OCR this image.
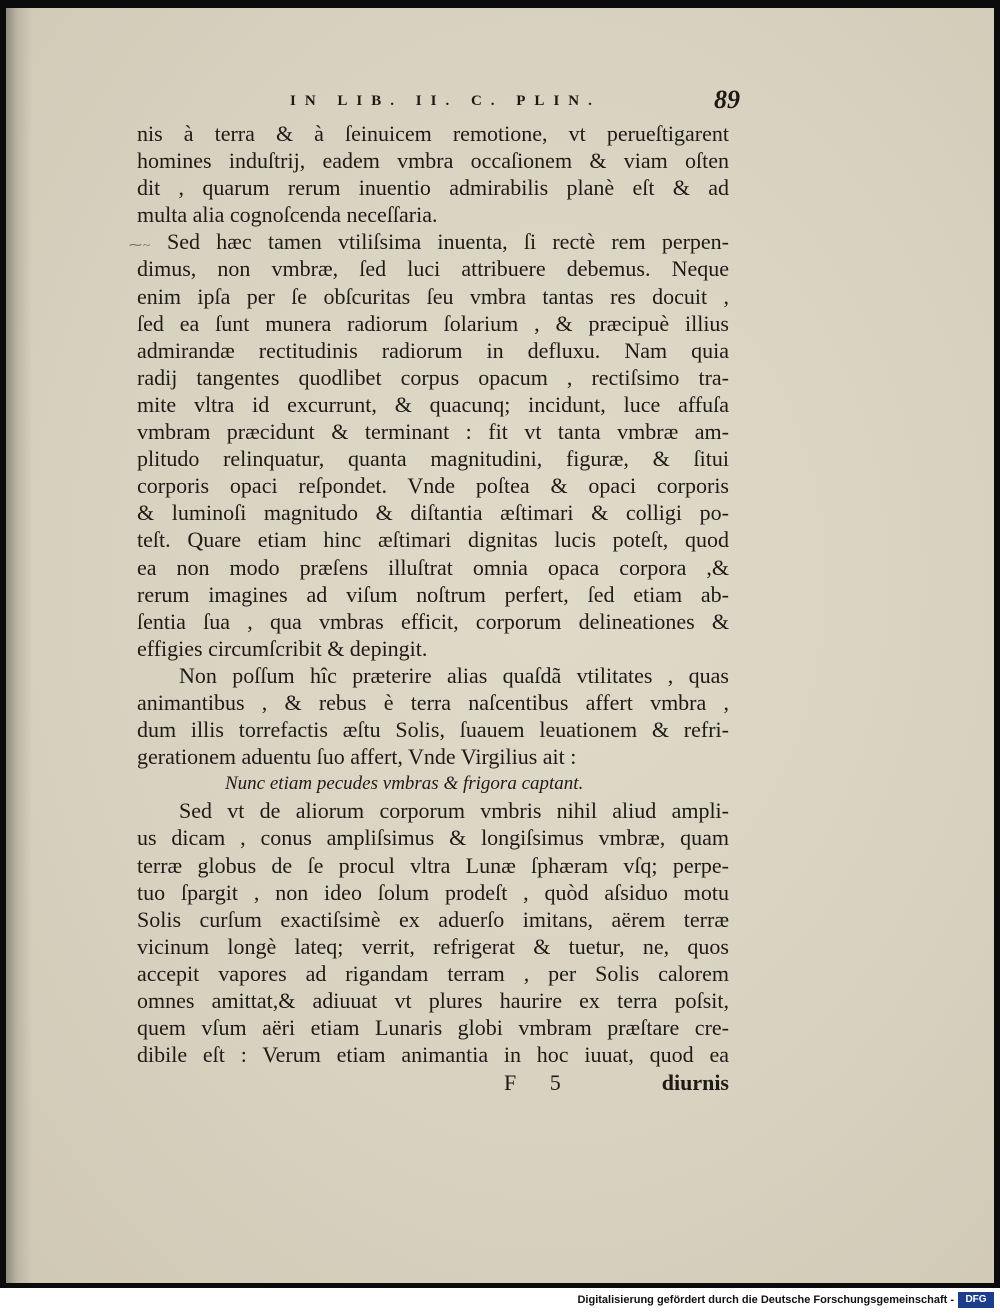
IN LIB. II. C. PLIN.	89
nis à terra & à ſeinuicem remotione, vt perueſtigarent
homines induſtrij, eadem vmbra occaſionem & viam oſten
dit , quarum rerum inuentio admirabilis planè eſt & ad
multa alia cognoſcenda neceſſaria.
⁓~ Sed hæc tamen vtiliſsima inuenta, ſi rectè rem perpen-
dimus, non vmbræ, ſed luci attribuere debemus. Neque
enim ipſa per ſe obſcuritas ſeu vmbra tantas res docuit ,
ſed ea ſunt munera radiorum ſolarium , & præcipuè illius
admirandæ rectitudinis radiorum in defluxu. Nam quia
radij tangentes quodlibet corpus opacum , rectiſsimo tra-
mite vltra id excurrunt, & quacunq; incidunt, luce affuſa
vmbram præcidunt & terminant : fit vt tanta vmbræ am-
plitudo relinquatur, quanta magnitudini, figuræ, & ſitui
corporis opaci reſpondet. Vnde poſtea & opaci corporis
& luminoſi magnitudo & diſtantia æſtimari & colligi po-
teſt. Quare etiam hinc æſtimari dignitas lucis poteſt, quod
ea non modo præſens illuſtrat omnia opaca corpora ,&
rerum imagines ad viſum noſtrum perfert, ſed etiam ab-
ſentia ſua , qua vmbras efficit, corporum delineationes &
effigies circumſcribit & depingit.
Non poſſum hîc præterire alias quaſdã vtilitates , quas
animantibus , & rebus è terra naſcentibus affert vmbra ,
dum illis torrefactis æſtu Solis, ſuauem leuationem & refri-
gerationem aduentu ſuo affert, Vnde Virgilius ait :
Nunc etiam pecudes vmbras & frigora captant.
Sed vt de aliorum corporum vmbris nihil aliud ampli-
us dicam , conus ampliſsimus & longiſsimus vmbræ, quam
terræ globus de ſe procul vltra Lunæ ſphæram vſq; perpe-
tuo ſpargit , non ideo ſolum prodeſt , quòd aſsiduo motu
Solis curſum exactiſsimè ex aduerſo imitans, aërem terræ
vicinum longè lateq; verrit, refrigerat & tuetur, ne, quos
accepit vapores ad rigandam terram , per Solis calorem
omnes amittat,& adiuuat vt plures haurire ex terra poſsit,
quem vſum aëri etiam Lunaris globi vmbram præſtare cre-
dibile eſt : Verum etiam animantia in hoc iuuat, quod ea
F 5	diurnis
Digitalisierung gefördert durch die Deutsche Forschungsgemeinschaft -	DFG
